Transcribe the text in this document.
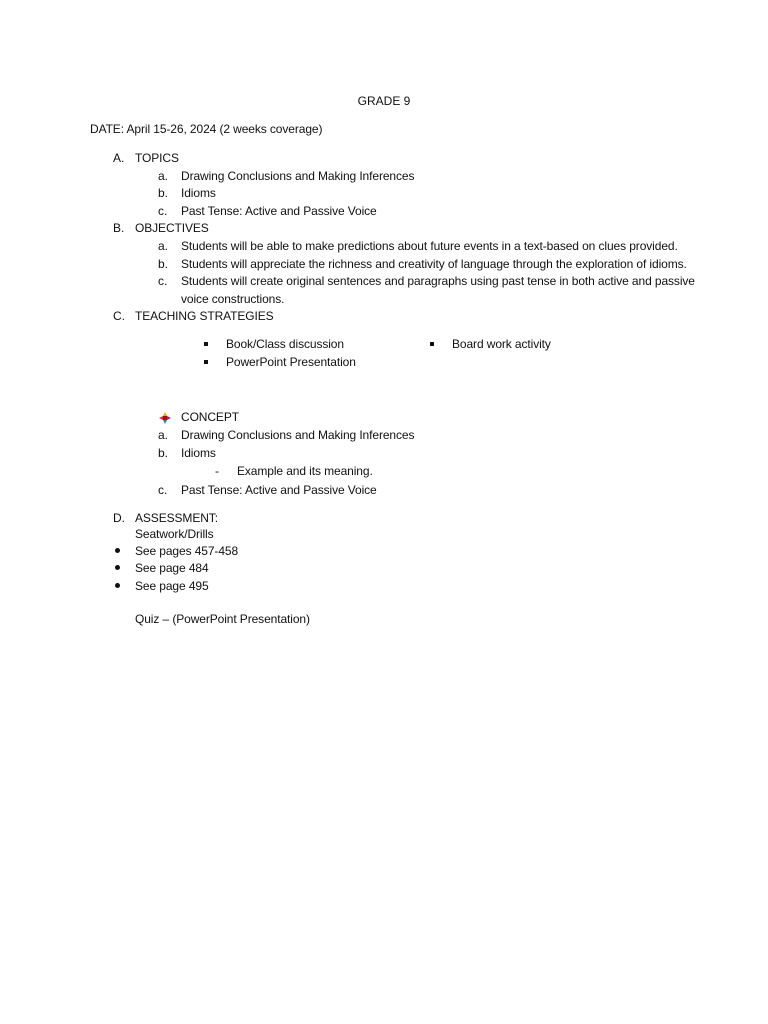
GRADE 9
DATE: April 15-26, 2024 (2 weeks coverage)
A. TOPICS
a. Drawing Conclusions and Making Inferences
b. Idioms
c. Past Tense: Active and Passive Voice
B. OBJECTIVES
a. Students will be able to make predictions about future events in a text-based on clues provided.
b. Students will appreciate the richness and creativity of language through the exploration of idioms.
c. Students will create original sentences and paragraphs using past tense in both active and passive
voice constructions.
C. TEACHING STRATEGIES
Book/Class discussion
PowerPoint Presentation
Board work activity
CONCEPT
a. Drawing Conclusions and Making Inferences
b. Idioms
- Example and its meaning.
c. Past Tense: Active and Passive Voice
D. ASSESSMENT:
Seatwork/Drills
See pages 457-458
See page 484
See page 495
Quiz – (PowerPoint Presentation)
